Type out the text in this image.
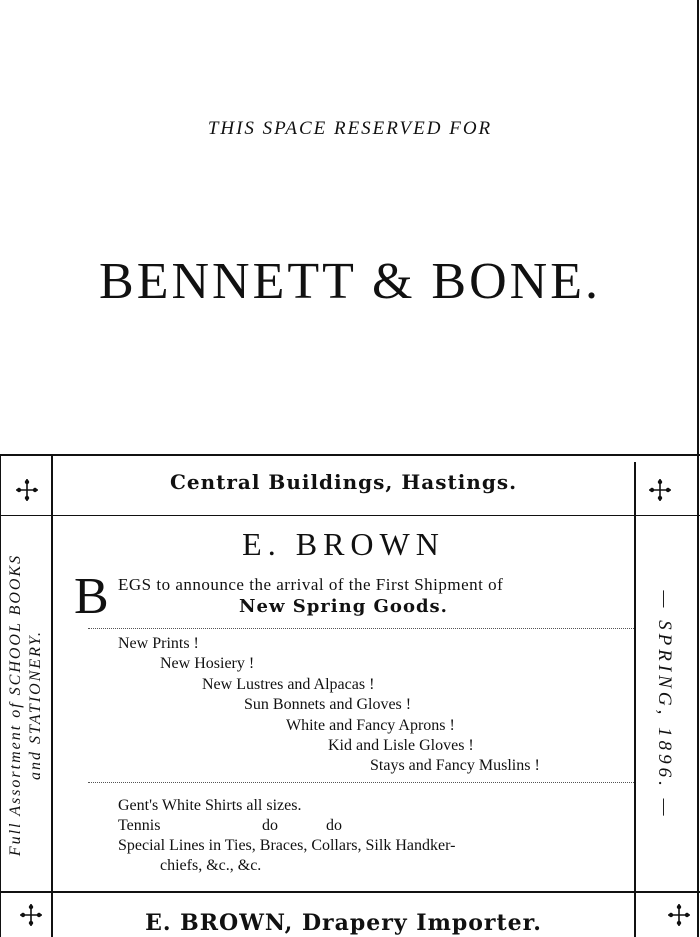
THIS SPACE RESERVED FOR
BENNETT & BONE.
Central Buildings, Hastings.
E. BROWN
B EGS to announce the arrival of the First Shipment of
New Spring Goods.
New Prints !
New Hosiery !
New Lustres and Alpacas !
Sun Bonnets and Gloves !
White and Fancy Aprons !
Kid and Lisle Gloves !
Stays and Fancy Muslins !
Gent's White Shirts all sizes.
Tennis	do	do
Special Lines in Ties, Braces, Collars, Silk Handker-
chiefs, &c., &c.
E. BROWN, Drapery Importer.
Full Assortment of SCHOOL BOOKS and STATIONERY.	— SPRING, 1896. —
